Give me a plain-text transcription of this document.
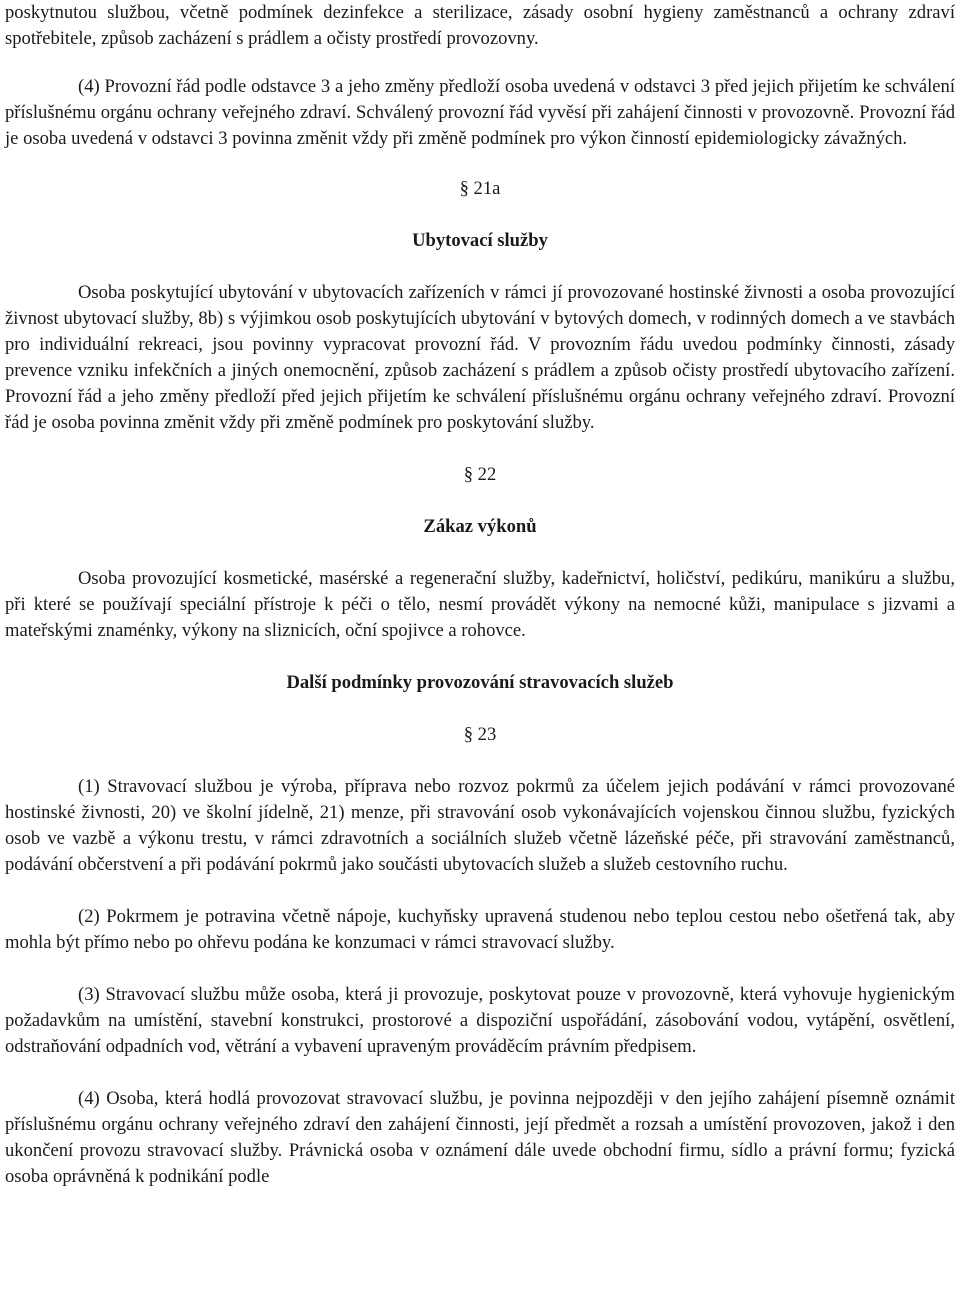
poskytnutou službou, včetně podmínek dezinfekce a sterilizace, zásady osobní hygieny zaměstnanců a ochrany zdraví spotřebitele, způsob zacházení s prádlem a očisty prostředí provozovny.

(4) Provozní řád podle odstavce 3 a jeho změny předloží osoba uvedená v odstavci 3 před jejich přijetím ke schválení příslušnému orgánu ochrany veřejného zdraví. Schválený provozní řád vyvěsí při zahájení činnosti v provozovně. Provozní řád je osoba uvedená v odstavci 3 povinna změnit vždy při změně podmínek pro výkon činností epidemiologicky závažných.

§ 21a

Ubytovací služby

Osoba poskytující ubytování v ubytovacích zařízeních v rámci jí provozované hostinské živnosti a osoba provozující živnost ubytovací služby, 8b) s výjimkou osob poskytujících ubytování v bytových domech, v rodinných domech a ve stavbách pro individuální rekreaci, jsou povinny vypracovat provozní řád. V provozním řádu uvedou podmínky činnosti, zásady prevence vzniku infekčních a jiných onemocnění, způsob zacházení s prádlem a způsob očisty prostředí ubytovacího zařízení. Provozní řád a jeho změny předloží před jejich přijetím ke schválení příslušnému orgánu ochrany veřejného zdraví. Provozní řád je osoba povinna změnit vždy při změně podmínek pro poskytování služby.

§ 22

Zákaz výkonů

Osoba provozující kosmetické, masérské a regenerační služby, kadeřnictví, holičství, pedikúru, manikúru a službu, při které se používají speciální přístroje k péči o tělo, nesmí provádět výkony na nemocné kůži, manipulace s jizvami a mateřskými znaménky, výkony na sliznicích, oční spojivce a rohovce.

Další podmínky provozování stravovacích služeb

§ 23

(1) Stravovací službou je výroba, příprava nebo rozvoz pokrmů za účelem jejich podávání v rámci provozované hostinské živnosti, 20) ve školní jídelně, 21) menze, při stravování osob vykonávajících vojenskou činnou službu, fyzických osob ve vazbě a výkonu trestu, v rámci zdravotních a sociálních služeb včetně lázeňské péče, při stravování zaměstnanců, podávání občerstvení a při podávání pokrmů jako součásti ubytovacích služeb a služeb cestovního ruchu.

(2) Pokrmem je potravina včetně nápoje, kuchyňsky upravená studenou nebo teplou cestou nebo ošetřená tak, aby mohla být přímo nebo po ohřevu podána ke konzumaci v rámci stravovací služby.

(3) Stravovací službu může osoba, která ji provozuje, poskytovat pouze v provozovně, která vyhovuje hygienickým požadavkům na umístění, stavební konstrukci, prostorové a dispoziční uspořádání, zásobování vodou, vytápění, osvětlení, odstraňování odpadních vod, větrání a vybavení upraveným prováděcím právním předpisem.

(4) Osoba, která hodlá provozovat stravovací službu, je povinna nejpozději v den jejího zahájení písemně oznámit příslušnému orgánu ochrany veřejného zdraví den zahájení činnosti, její předmět a rozsah a umístění provozoven, jakož i den ukončení provozu stravovací služby. Právnická osoba v oznámení dále uvede obchodní firmu, sídlo a právní formu; fyzická osoba oprávněná k podnikání podle
